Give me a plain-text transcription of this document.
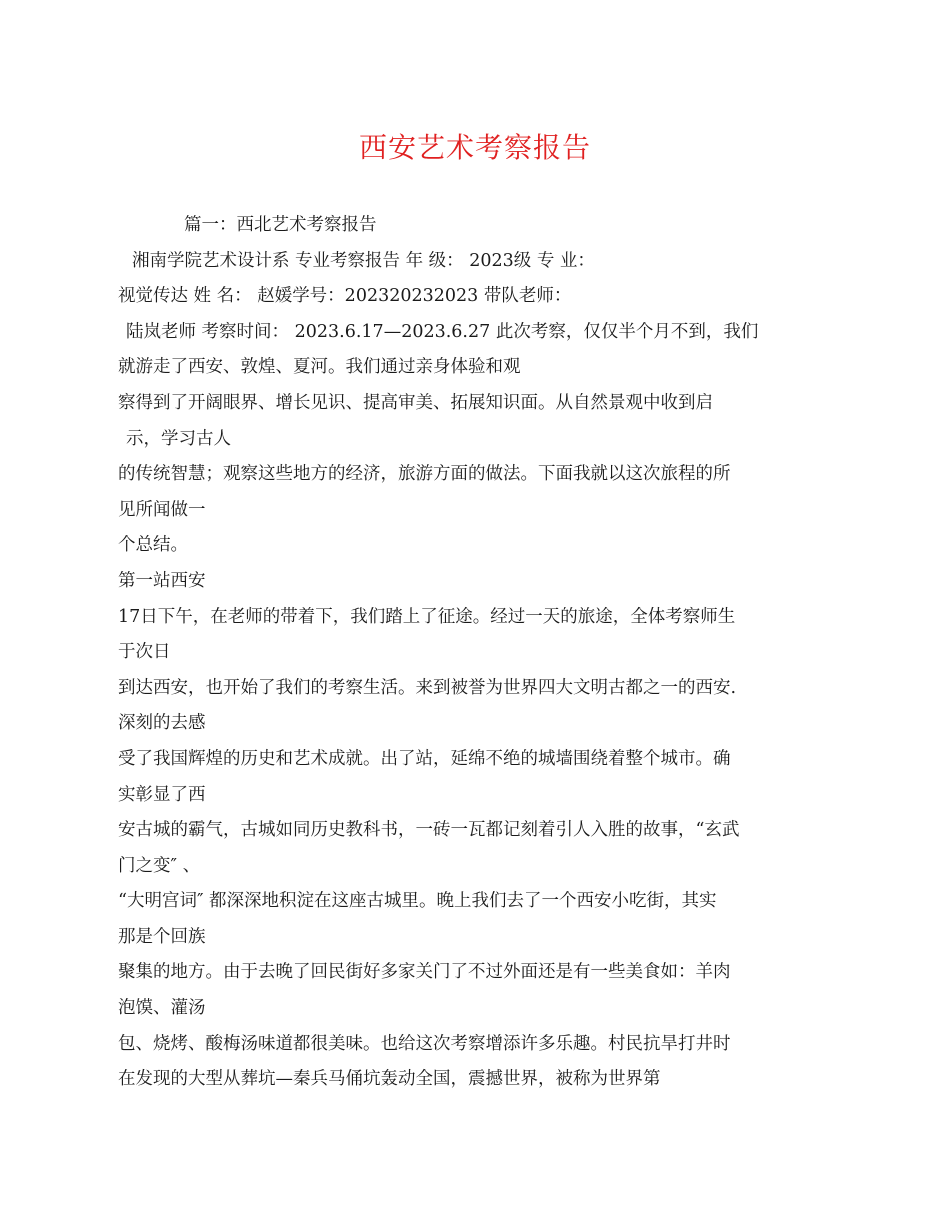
西安艺术考察报告
篇一：西北艺术考察报告
湘南学院艺术设计系 专业考察报告 年 级： 2023级 专 业：
视觉传达 姓 名： 赵媛学号：202320232023 带队老师：
陆岚老师 考察时间： 2023.6.17—2023.6.27 此次考察，仅仅半个月不到，我们
就游走了西安、敦煌、夏河。我们通过亲身体验和观
察得到了开阔眼界、增长见识、提高审美、拓展知识面。从自然景观中收到启
示，学习古人
的传统智慧；观察这些地方的经济，旅游方面的做法。下面我就以这次旅程的所
见所闻做一
个总结。
第一站西安
17日下午，在老师的带着下，我们踏上了征途。经过一天的旅途，全体考察师生
于次日
到达西安，也开始了我们的考察生活。来到被誉为世界四大文明古都之一的西安.
深刻的去感
受了我国辉煌的历史和艺术成就。出了站，延绵不绝的城墙围绕着整个城市。确
实彰显了西
安古城的霸气，古城如同历史教科书，一砖一瓦都记刻着引人入胜的故事，“玄武
门之变″ 、
“大明宫词″ 都深深地积淀在这座古城里。晚上我们去了一个西安小吃街，其实
那是个回族
聚集的地方。由于去晚了回民街好多家关门了不过外面还是有一些美食如：羊肉
泡馍、灌汤
包、烧烤、酸梅汤味道都很美味。也给这次考察增添许多乐趣。村民抗旱打井时
在发现的大型从葬坑—秦兵马俑坑轰动全国，震撼世界，被称为世界第
